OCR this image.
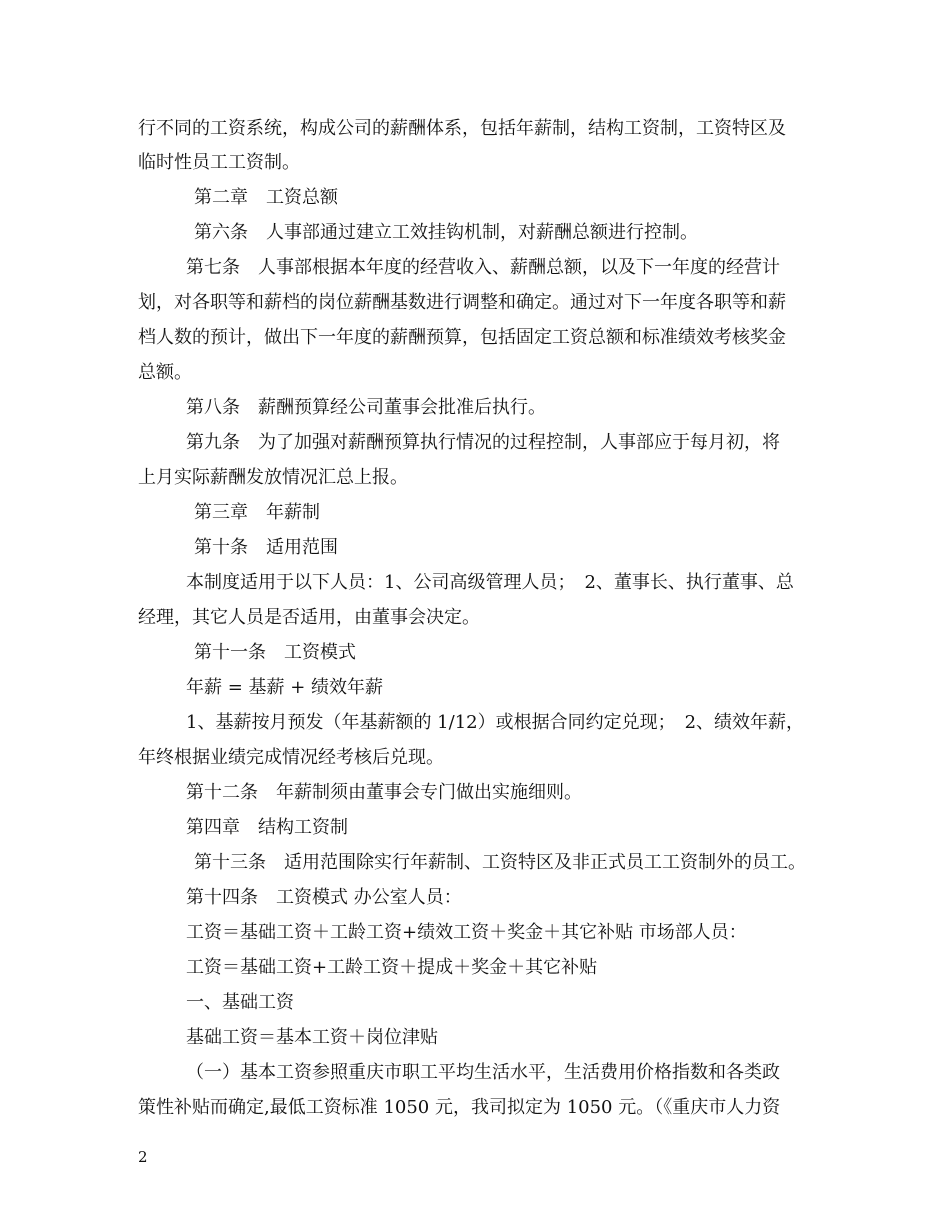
行不同的工资系统，构成公司的薪酬体系，包括年薪制，结构工资制，工资特区及
临时性员工工资制。
第二章　工资总额
第六条　人事部通过建立工效挂钩机制，对薪酬总额进行控制。
第七条　人事部根据本年度的经营收入、薪酬总额，以及下一年度的经营计
划，对各职等和薪档的岗位薪酬基数进行调整和确定。通过对下一年度各职等和薪
档人数的预计，做出下一年度的薪酬预算，包括固定工资总额和标准绩效考核奖金
总额。
第八条　薪酬预算经公司董事会批准后执行。
第九条　为了加强对薪酬预算执行情况的过程控制，人事部应于每月初，将
上月实际薪酬发放情况汇总上报。
第三章　年薪制
第十条　适用范围
本制度适用于以下人员：1、公司高级管理人员；　2、董事长、执行董事、总
经理，其它人员是否适用，由董事会决定。
第十一条　工资模式
年薪 = 基薪 + 绩效年薪
1、基薪按月预发（年基薪额的 1/12）或根据合同约定兑现；　2、绩效年薪，
年终根据业绩完成情况经考核后兑现。
第十二条　年薪制须由董事会专门做出实施细则。
第四章　结构工资制
第十三条　适用范围除实行年薪制、工资特区及非正式员工工资制外的员工。
第十四条　工资模式 办公室人员：
工资＝基础工资＋工龄工资+绩效工资＋奖金＋其它补贴 市场部人员：
工资＝基础工资+工龄工资＋提成＋奖金＋其它补贴
一、基础工资
基础工资＝基本工资＋岗位津贴
（一）基本工资参照重庆市职工平均生活水平，生活费用价格指数和各类政
策性补贴而确定,最低工资标准 1050 元，我司拟定为 1050 元。（《重庆市人力资
2
